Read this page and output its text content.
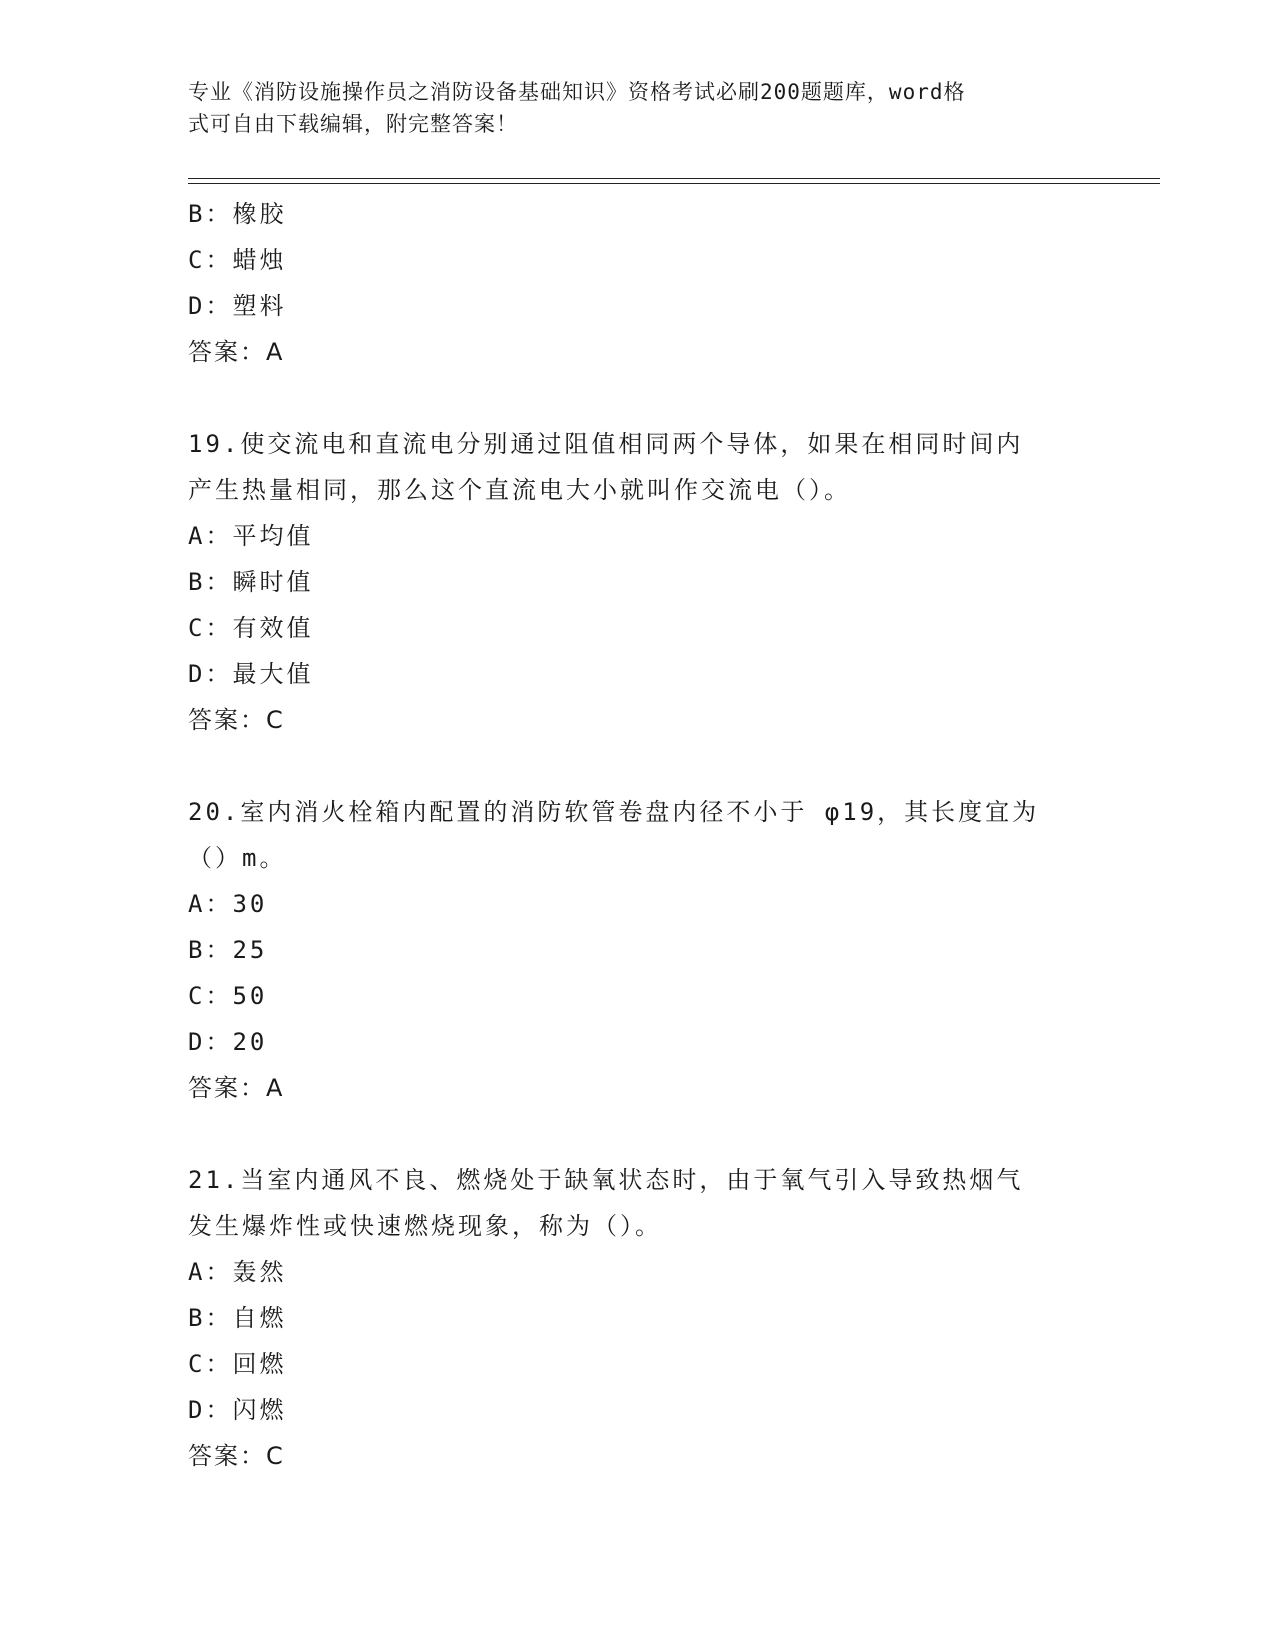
专业《消防设施操作员之消防设备基础知识》资格考试必刷200题题库，word格
式可自由下载编辑，附完整答案！
B：橡胶
C：蜡烛
D：塑料
答案：A
19.使交流电和直流电分别通过阻值相同两个导体，如果在相同时间内
产生热量相同，那么这个直流电大小就叫作交流电（）。
A：平均值
B：瞬时值
C：有效值
D：最大值
答案：C
20.室内消火栓箱内配置的消防软管卷盘内径不小于 φ19，其长度宜为
（）m。
A：30
B：25
C：50
D：20
答案：A
21.当室内通风不良、燃烧处于缺氧状态时，由于氧气引入导致热烟气
发生爆炸性或快速燃烧现象，称为（）。
A：轰然
B：自燃
C：回燃
D：闪燃
答案：C
